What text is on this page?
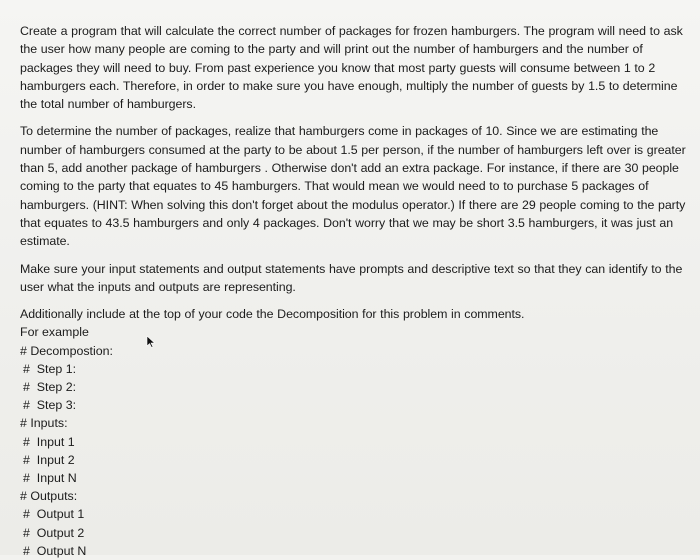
Create a program that will calculate the correct number of packages for frozen hamburgers. The program will need to ask the user how many people are coming to the party and will print out the number of hamburgers and the number of packages they will need to buy. From past experience you know that most party guests will consume between 1 to 2 hamburgers each. Therefore, in order to make sure you have enough, multiply the number of guests by 1.5 to determine the total number of hamburgers.

To determine the number of packages, realize that hamburgers come in packages of 10. Since we are estimating the number of hamburgers consumed at the party to be about 1.5 per person, if the number of hamburgers left over is greater than 5, add another package of hamburgers . Otherwise don't add an extra package. For instance, if there are 30 people coming to the party that equates to 45 hamburgers. That would mean we would need to to purchase 5 packages of hamburgers. (HINT: When solving this don't forget about the modulus operator.) If there are 29 people coming to the party that equates to 43.5 hamburgers and only 4 packages. Don't worry that we may be short 3.5 hamburgers, it was just an estimate.

Make sure your input statements and output statements have prompts and descriptive text so that they can identify to the user what the inputs and outputs are representing.

Additionally include at the top of your code the Decomposition for this problem in comments.

For example
# Decompostion:
#  Step 1:
#  Step 2:
#  Step 3:
# Inputs:
#  Input 1
#  Input 2
#  Input N
# Outputs:
#  Output 1
#  Output 2
#  Output N
